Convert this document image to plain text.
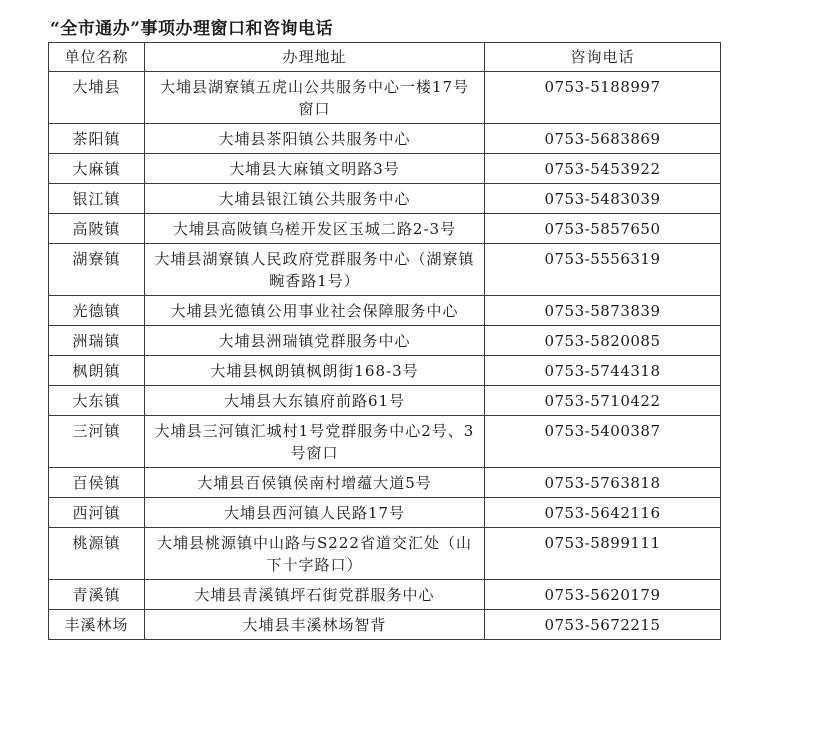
“全市通办”事项办理窗口和咨询电话
单位名称	办理地址	咨询电话
大埔县	大埔县湖寮镇五虎山公共服务中心一楼17号窗口	0753-5188997
茶阳镇	大埔县茶阳镇公共服务中心	0753-5683869
大麻镇	大埔县大麻镇文明路3号	0753-5453922
银江镇	大埔县银江镇公共服务中心	0753-5483039
高陂镇	大埔县高陂镇乌槎开发区玉城二路2-3号	0753-5857650
湖寮镇	大埔县湖寮镇人民政府党群服务中心（湖寮镇畹香路1号）	0753-5556319
光德镇	大埔县光德镇公用事业社会保障服务中心	0753-5873839
洲瑞镇	大埔县洲瑞镇党群服务中心	0753-5820085
枫朗镇	大埔县枫朗镇枫朗街168-3号	0753-5744318
大东镇	大埔县大东镇府前路61号	0753-5710422
三河镇	大埔县三河镇汇城村1号党群服务中心2号、3号窗口	0753-5400387
百侯镇	大埔县百侯镇侯南村增蕴大道5号	0753-5763818
西河镇	大埔县西河镇人民路17号	0753-5642116
桃源镇	大埔县桃源镇中山路与S222省道交汇处（山下十字路口）	0753-5899111
青溪镇	大埔县青溪镇坪石街党群服务中心	0753-5620179
丰溪林场	大埔县丰溪林场智背	0753-5672215
